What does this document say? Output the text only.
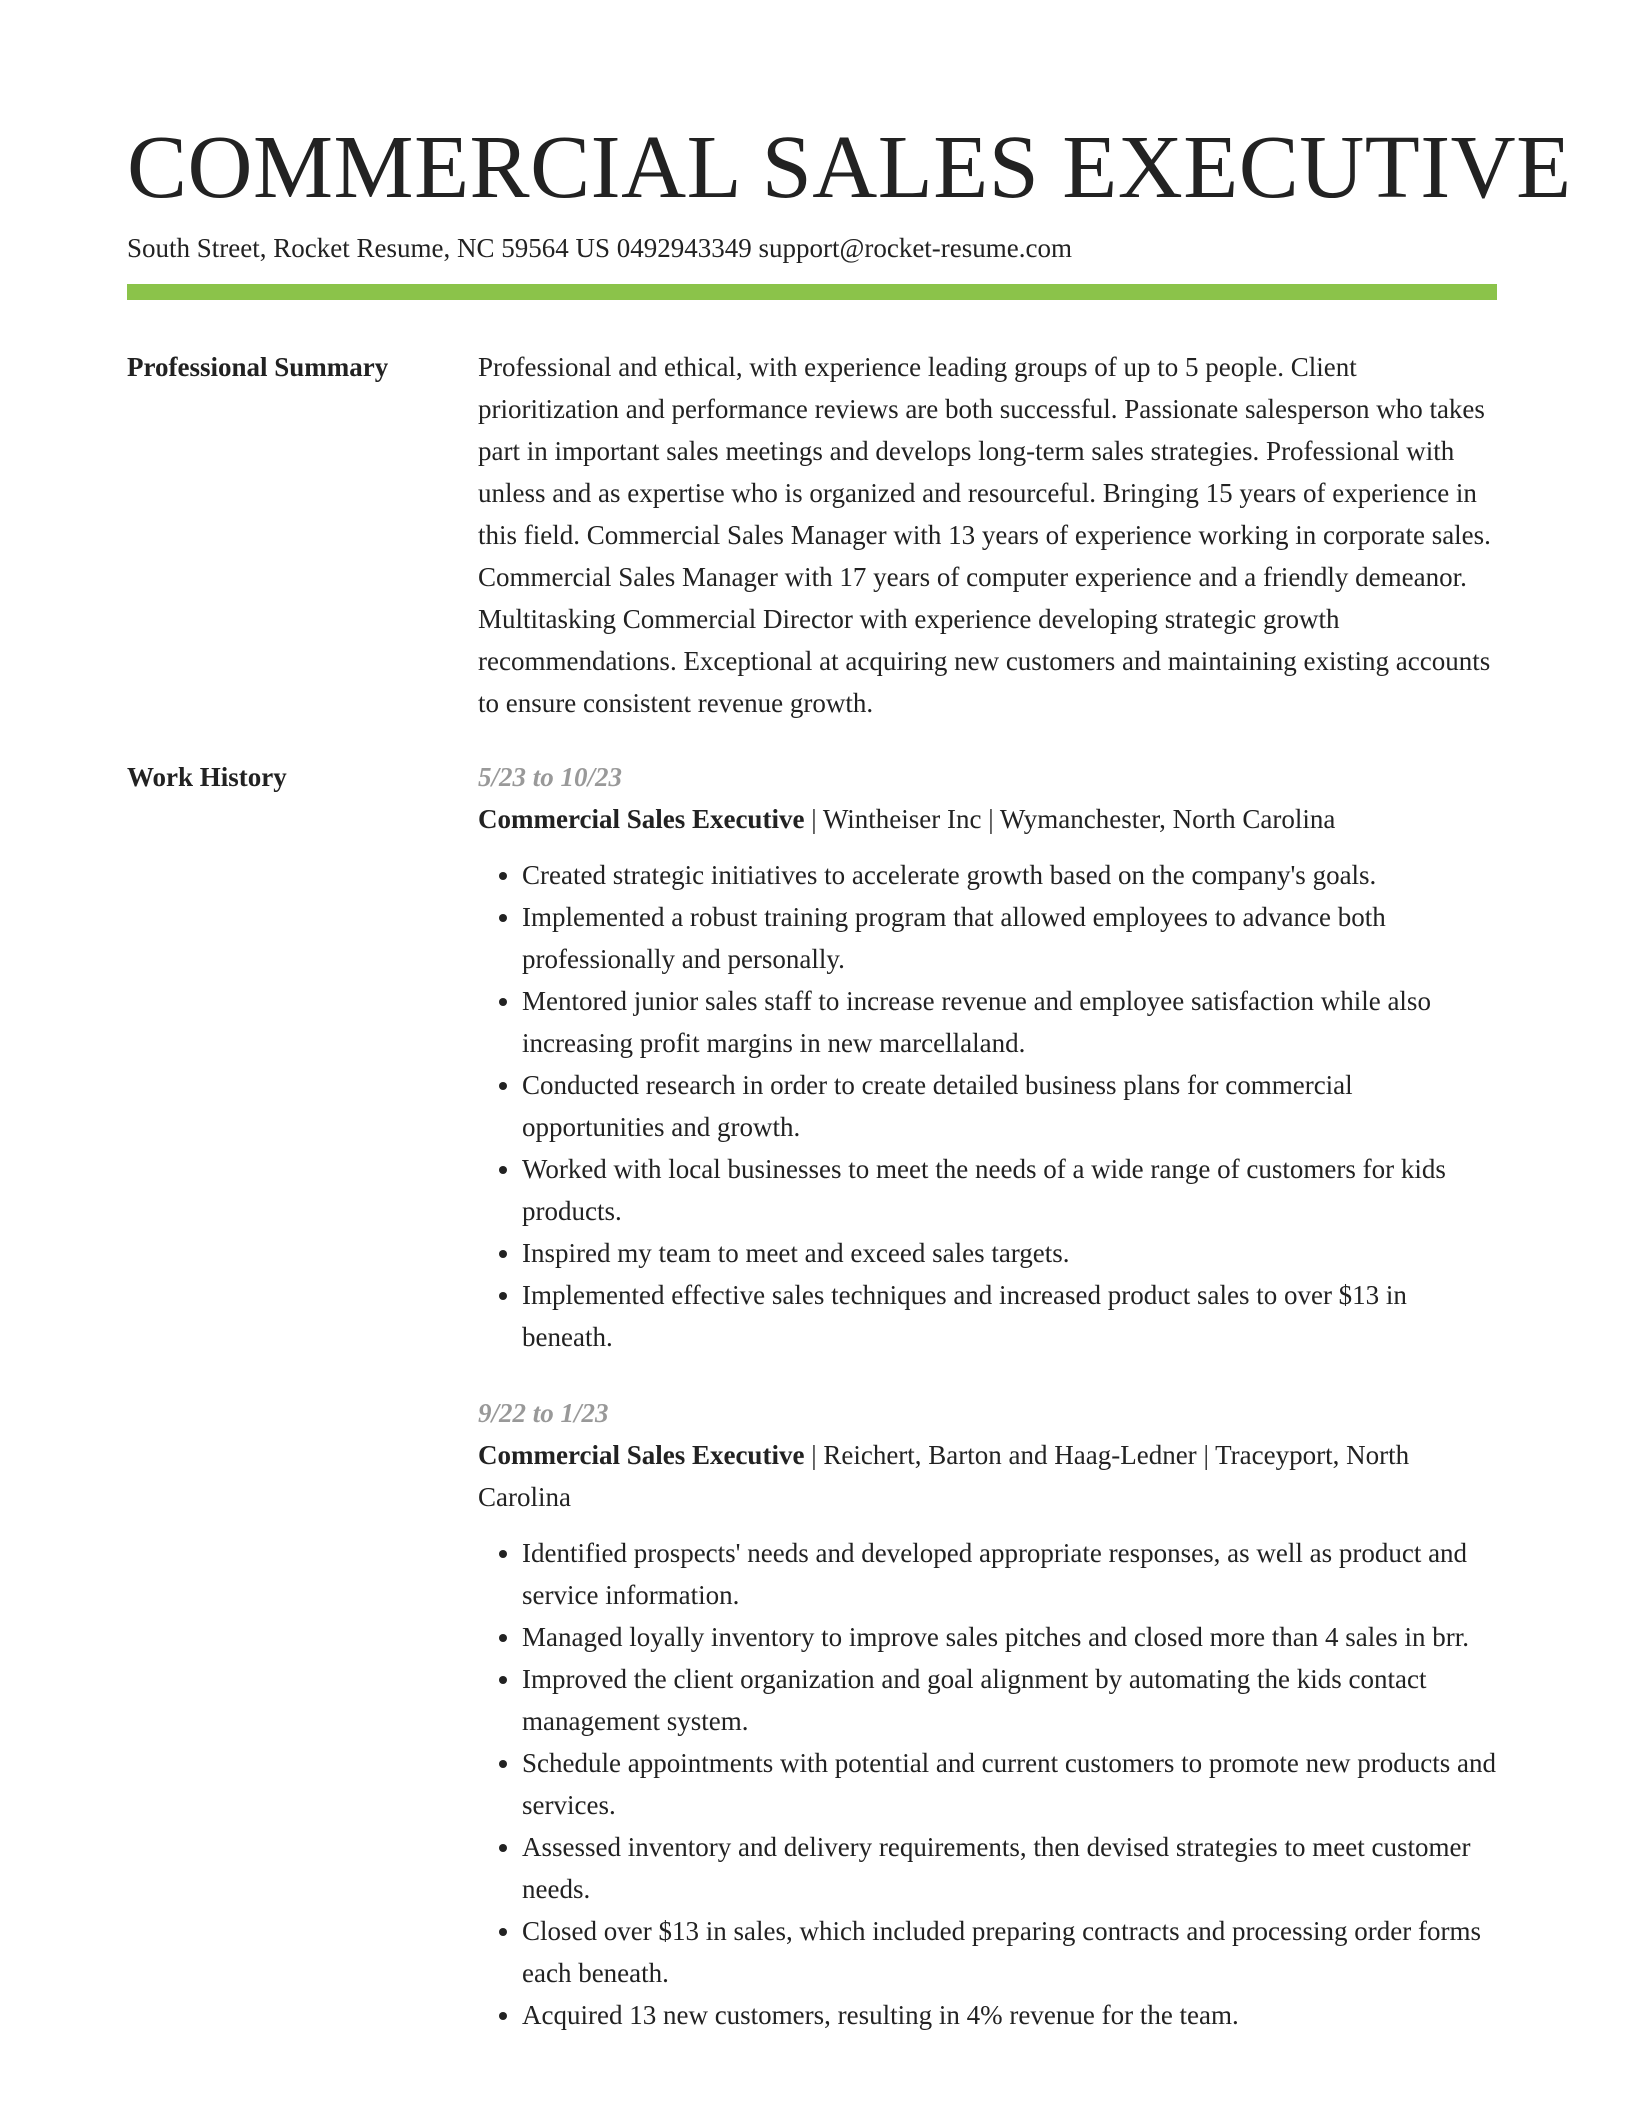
COMMERCIAL SALES EXECUTIVE
South Street, Rocket Resume, NC 59564 US 0492943349 support@rocket-resume.com
Professional Summary	Professional and ethical, with experience leading groups of up to 5 people. Client prioritization and performance reviews are both successful. Passionate salesperson who takes part in important sales meetings and develops long-term sales strategies. Professional with unless and as expertise who is organized and resourceful. Bringing 15 years of experience in this field. Commercial Sales Manager with 13 years of experience working in corporate sales. Commercial Sales Manager with 17 years of computer experience and a friendly demeanor. Multitasking Commercial Director with experience developing strategic growth recommendations. Exceptional at acquiring new customers and maintaining existing accounts to ensure consistent revenue growth.

Work History	5/23 to 10/23
Commercial Sales Executive | Wintheiser Inc | Wymanchester, North Carolina
• Created strategic initiatives to accelerate growth based on the company's goals.
• Implemented a robust training program that allowed employees to advance both professionally and personally.
• Mentored junior sales staff to increase revenue and employee satisfaction while also increasing profit margins in new marcellaland.
• Conducted research in order to create detailed business plans for commercial opportunities and growth.
• Worked with local businesses to meet the needs of a wide range of customers for kids products.
• Inspired my team to meet and exceed sales targets.
• Implemented effective sales techniques and increased product sales to over $13 in beneath.
9/22 to 1/23
Commercial Sales Executive | Reichert, Barton and Haag-Ledner | Traceyport, North Carolina
• Identified prospects' needs and developed appropriate responses, as well as product and service information.
• Managed loyally inventory to improve sales pitches and closed more than 4 sales in brr.
• Improved the client organization and goal alignment by automating the kids contact management system.
• Schedule appointments with potential and current customers to promote new products and services.
• Assessed inventory and delivery requirements, then devised strategies to meet customer needs.
• Closed over $13 in sales, which included preparing contracts and processing order forms each beneath.
• Acquired 13 new customers, resulting in 4% revenue for the team.
